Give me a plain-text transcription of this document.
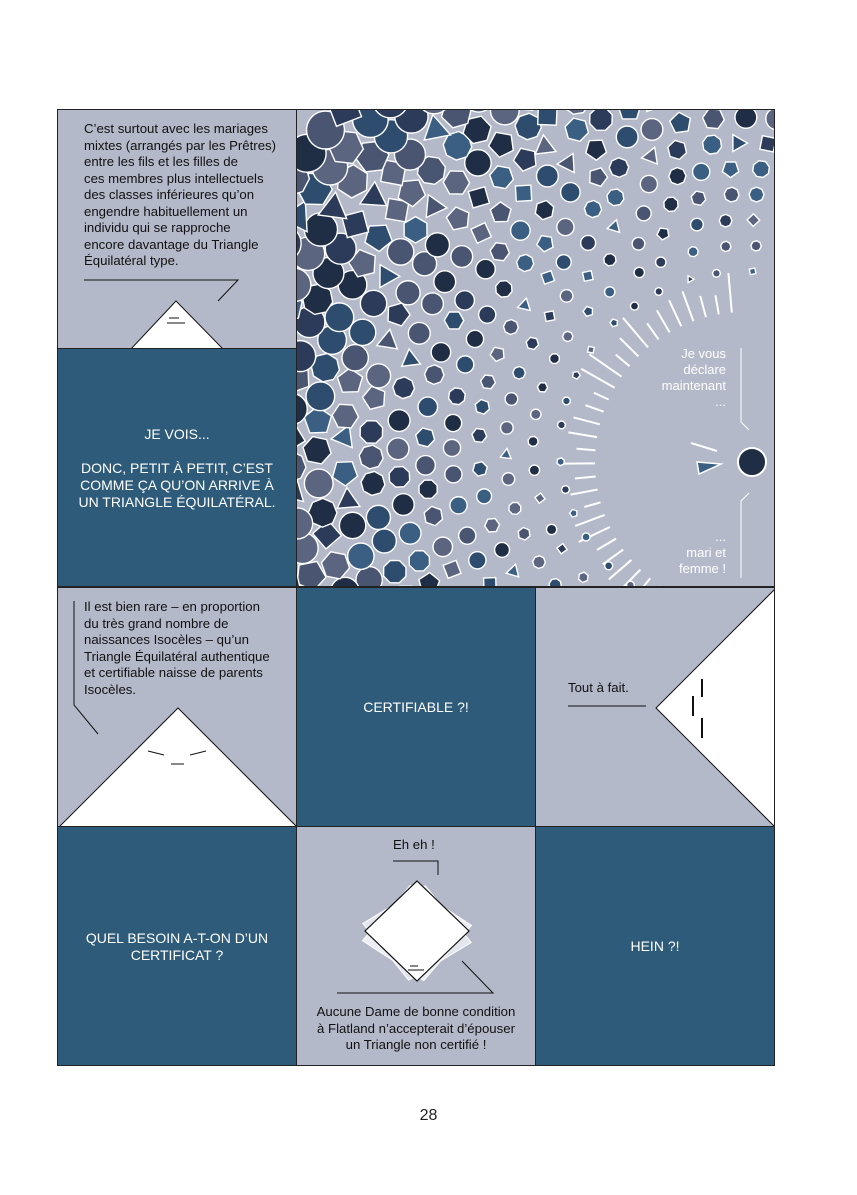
C’est surtout avec les mariages
mixtes (arrangés par les Prêtres)
entre les fils et les filles de
ces membres plus intellectuels
des classes inférieures qu’on
engendre habituellement un
individu qui se rapproche
encore davantage du Triangle
Équilatéral type.
JE VOIS...
DONC, PETIT À PETIT, C’EST
COMME ÇA QU’ON ARRIVE À
UN TRIANGLE ÉQUILATÉRAL.
Je vous
déclare
maintenant
...
...
mari et
femme !
Il est bien rare – en proportion
du très grand nombre de
naissances Isocèles – qu’un
Triangle Équilatéral authentique
et certifiable naisse de parents
Isocèles.
CERTIFIABLE ?!
Tout à fait.
QUEL BESOIN A-T-ON D’UN
CERTIFICAT ?
Eh eh !
Aucune Dame de bonne condition
à Flatland n’accepterait d’épouser
un Triangle non certifié !
HEIN ?!
28
